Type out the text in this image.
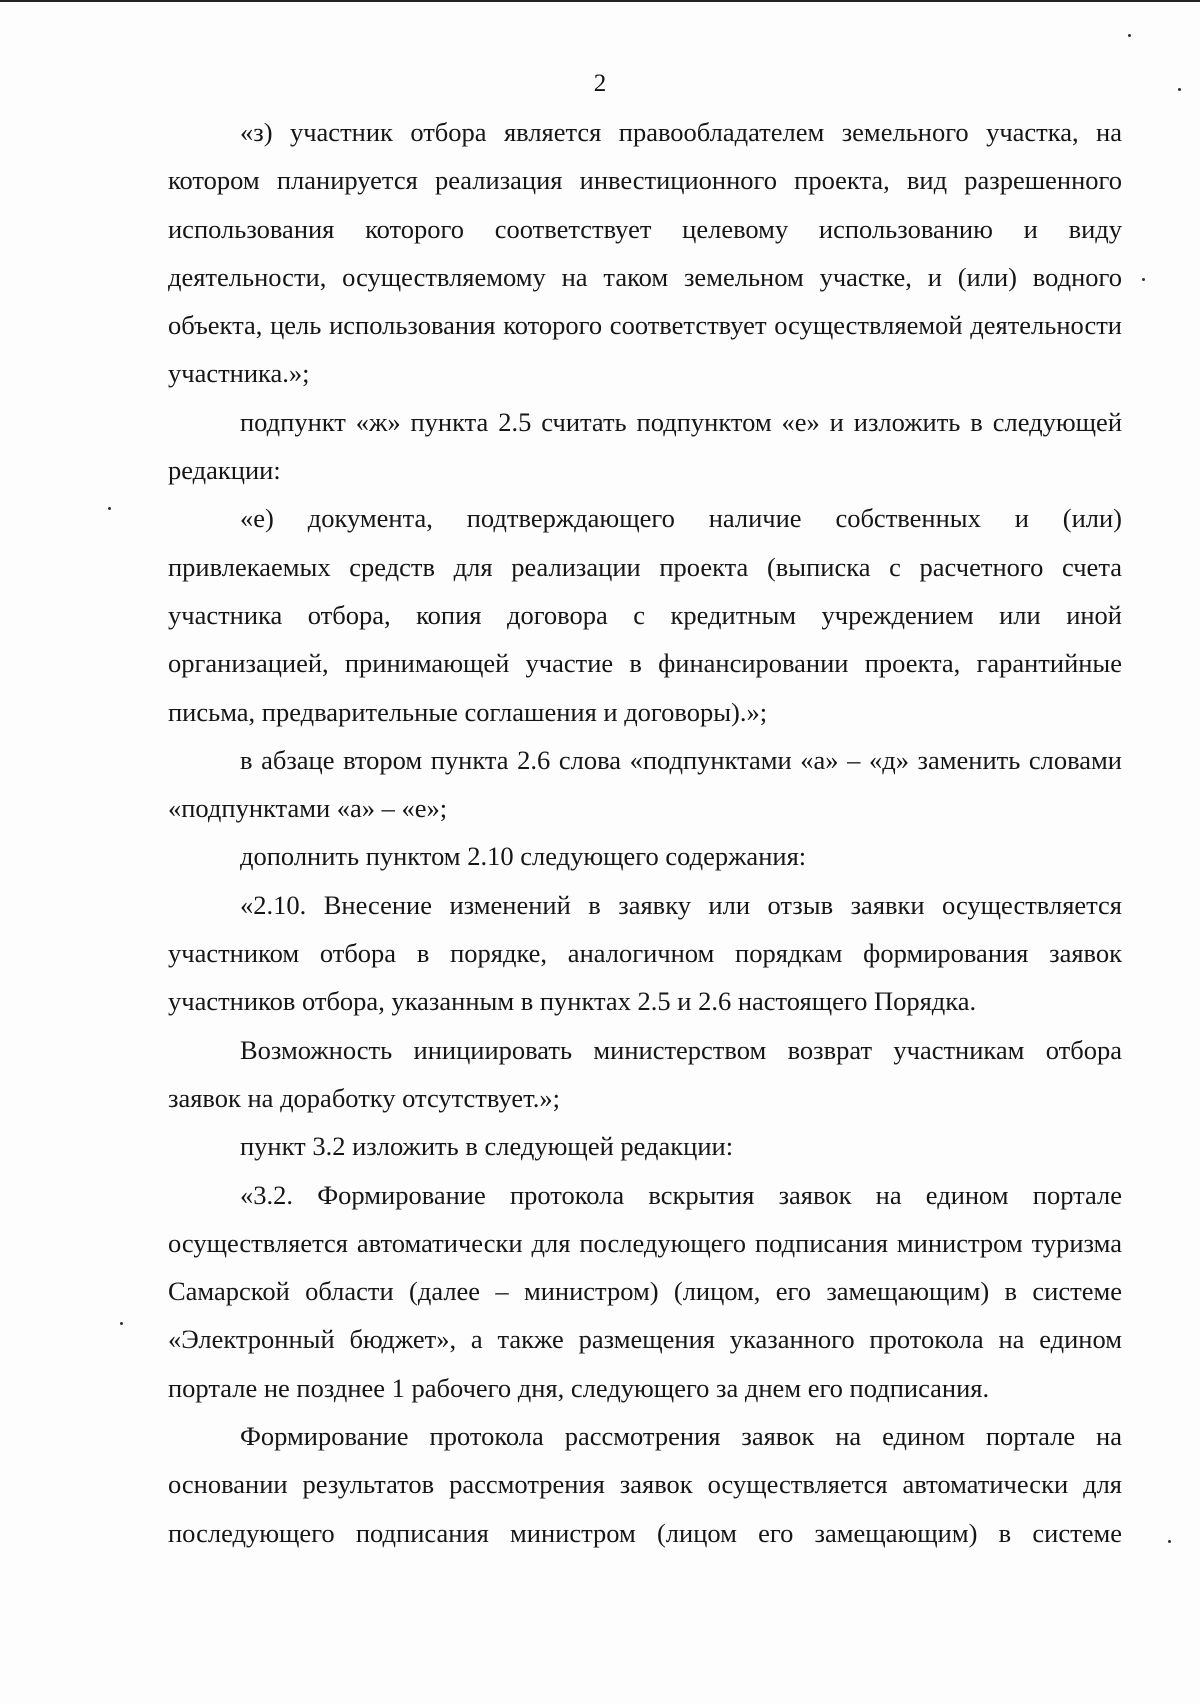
2

«з) участник отбора является правообладателем земельного участка, на котором планируется реализация инвестиционного проекта, вид разрешенного использования которого соответствует целевому использованию и виду деятельности, осуществляемому на таком земельном участке, и (или) водного объекта, цель использования которого соответствует осуществляемой деятельности участника.»;

подпункт «ж» пункта 2.5 считать подпунктом «е» и изложить в следующей редакции:

«е) документа, подтверждающего наличие собственных и (или) привлекаемых средств для реализации проекта (выписка с расчетного счета участника отбора, копия договора с кредитным учреждением или иной организацией, принимающей участие в финансировании проекта, гарантийные письма, предварительные соглашения и договоры).»;

в абзаце втором пункта 2.6 слова «подпунктами «а» – «д» заменить словами «подпунктами «а» – «е»;

дополнить пунктом 2.10 следующего содержания:

«2.10. Внесение изменений в заявку или отзыв заявки осуществляется участником отбора в порядке, аналогичном порядкам формирования заявок участников отбора, указанным в пунктах 2.5 и 2.6 настоящего Порядка.

Возможность инициировать министерством возврат участникам отбора заявок на доработку отсутствует.»;

пункт 3.2 изложить в следующей редакции:

«3.2. Формирование протокола вскрытия заявок на едином портале осуществляется автоматически для последующего подписания министром туризма Самарской области (далее – министром) (лицом, его замещающим) в системе «Электронный бюджет», а также размещения указанного протокола на едином портале не позднее 1 рабочего дня, следующего за днем его подписания.

Формирование протокола рассмотрения заявок на едином портале на основании результатов рассмотрения заявок осуществляется автоматически для последующего подписания министром (лицом его замещающим) в системе
